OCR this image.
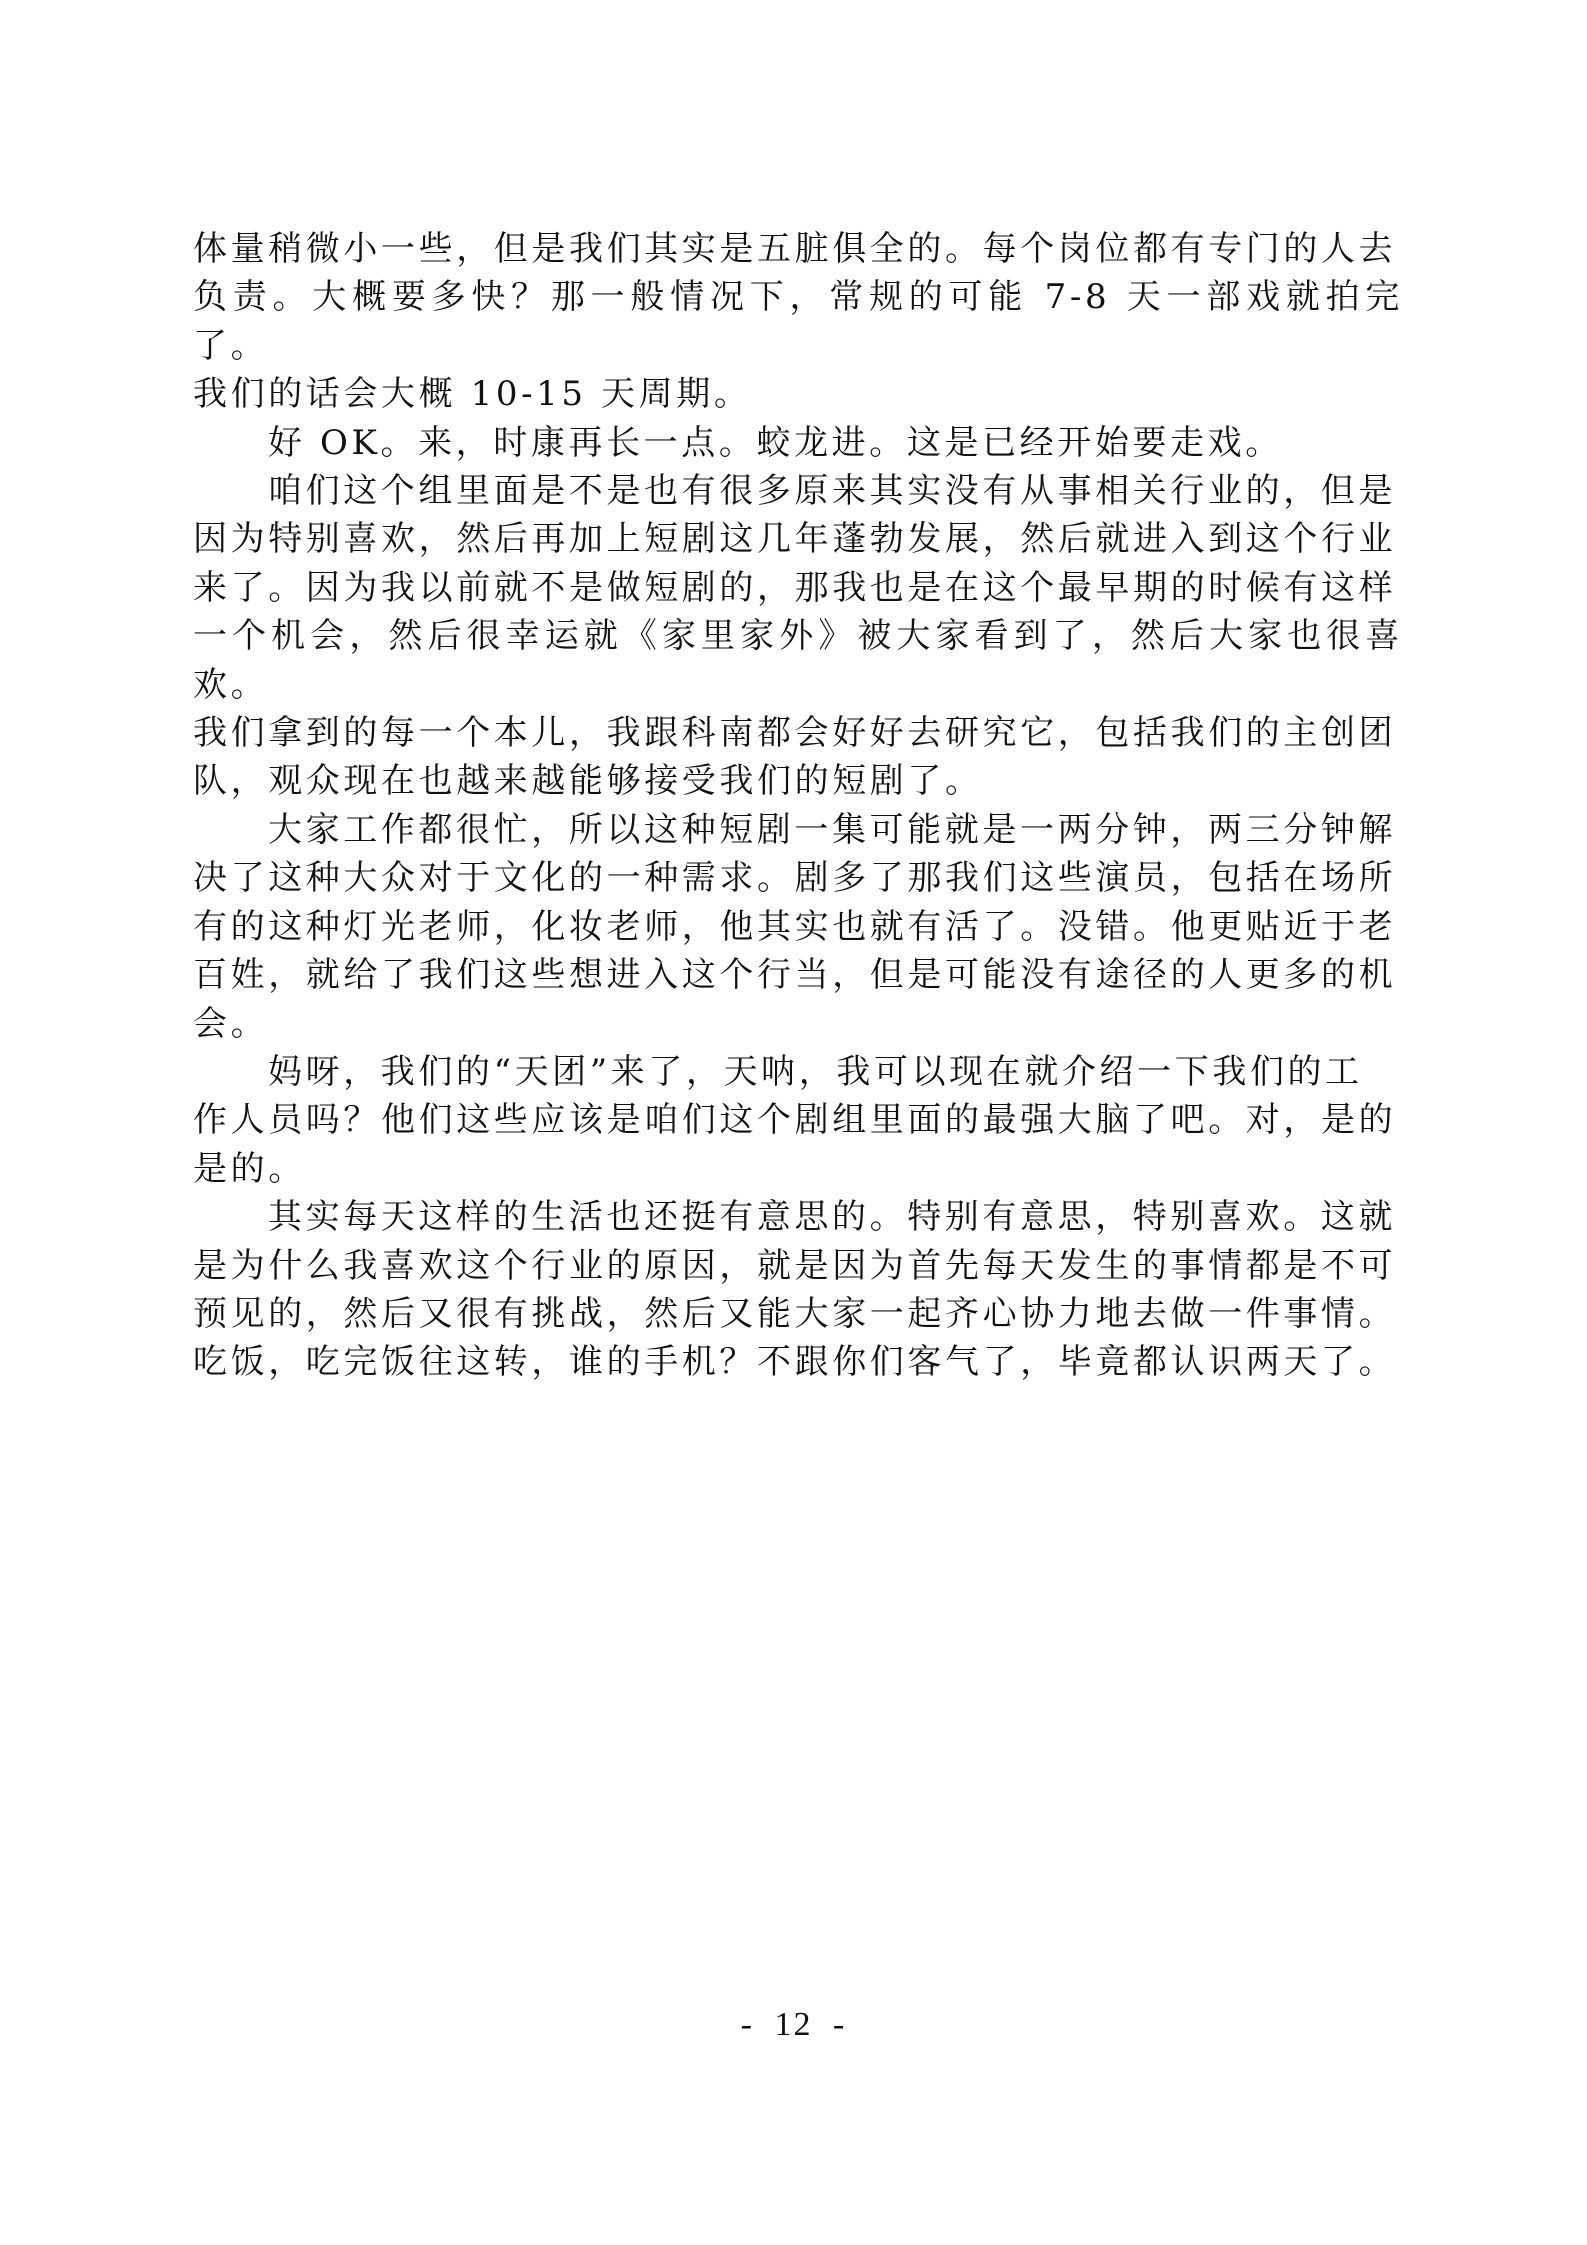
体量稍微小一些，但是我们其实是五脏俱全的。每个岗位都有专门的人去
负责。大概要多快？那一般情况下，常规的可能 7-8 天一部戏就拍完了。
我们的话会大概 10-15 天周期。
好 OK。来，时康再长一点。蛟龙进。这是已经开始要走戏。
咱们这个组里面是不是也有很多原来其实没有从事相关行业的，但是
因为特别喜欢，然后再加上短剧这几年蓬勃发展，然后就进入到这个行业
来了。因为我以前就不是做短剧的，那我也是在这个最早期的时候有这样
一个机会，然后很幸运就《家里家外》被大家看到了，然后大家也很喜欢。
我们拿到的每一个本儿，我跟科南都会好好去研究它，包括我们的主创团
队，观众现在也越来越能够接受我们的短剧了。
大家工作都很忙，所以这种短剧一集可能就是一两分钟，两三分钟解
决了这种大众对于文化的一种需求。剧多了那我们这些演员，包括在场所
有的这种灯光老师，化妆老师，他其实也就有活了。没错。他更贴近于老
百姓，就给了我们这些想进入这个行当，但是可能没有途径的人更多的机
会。
妈呀，我们的“天团”来了，天呐，我可以现在就介绍一下我们的工
作人员吗？他们这些应该是咱们这个剧组里面的最强大脑了吧。对，是的
是的。
其实每天这样的生活也还挺有意思的。特别有意思，特别喜欢。这就
是为什么我喜欢这个行业的原因，就是因为首先每天发生的事情都是不可
预见的，然后又很有挑战，然后又能大家一起齐心协力地去做一件事情。
吃饭，吃完饭往这转，谁的手机？不跟你们客气了，毕竟都认识两天了。
- 12 -
